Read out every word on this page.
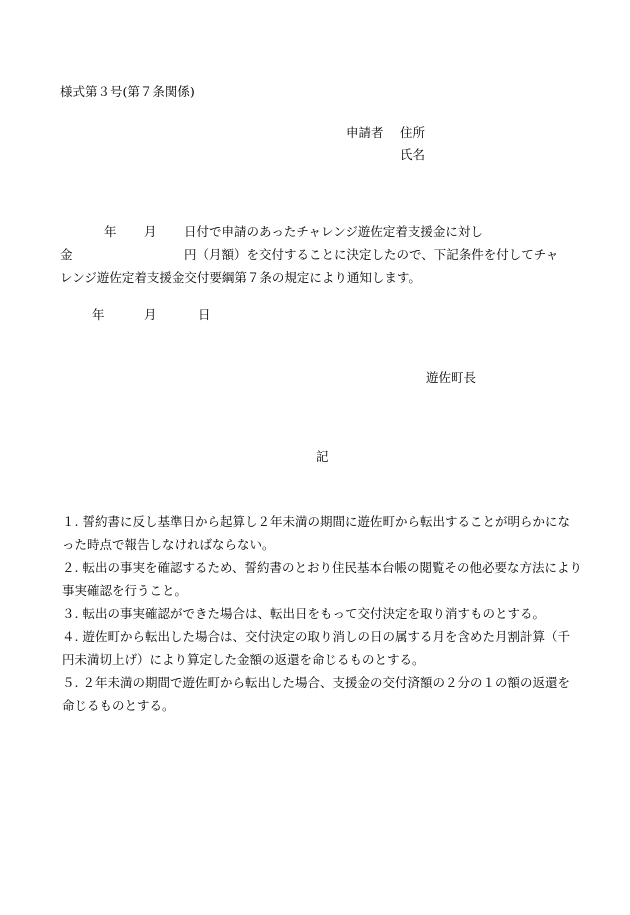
様式第３号(第７条関係)
申請者 住所
氏名
年 月 日付で申請のあったチャレンジ遊佐定着支援金に対し
金	円（月額）を交付することに決定したので、下記条件を付してチャ
レンジ遊佐定着支援金交付要綱第７条の規定により通知します。
年	月	日
遊佐町長
記
１. 誓約書に反し基準日から起算し２年未満の期間に遊佐町から転出することが明らかになった時点で報告しなければならない。
２. 転出の事実を確認するため、誓約書のとおり住民基本台帳の閲覧その他必要な方法により事実確認を行うこと。
３. 転出の事実確認ができた場合は、転出日をもって交付決定を取り消すものとする。
４. 遊佐町から転出した場合は、交付決定の取り消しの日の属する月を含めた月割計算（千円未満切上げ）により算定した金額の返還を命じるものとする。
５. ２年未満の期間で遊佐町から転出した場合、支援金の交付済額の２分の１の額の返還を命じるものとする。
